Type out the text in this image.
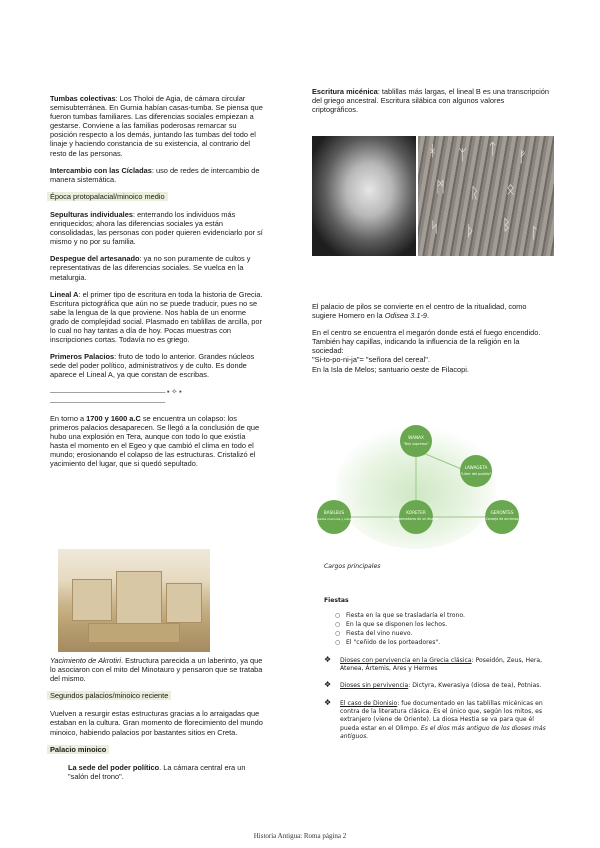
Tumbas colectivas: Los Tholoi de Agia, de cámara circular semisubterránea. En Gurnia habían casas-tumba. Se piensa que fueron tumbas familiares. Las diferencias sociales empiezan a gestarse. Conviene a las familias poderosas remarcar su posición respecto a los demás, juntando las tumbas del todo el linaje y haciendo constancia de su existencia, al contrario del resto de las personas.

Intercambio con las Cícladas: uso de redes de intercambio de manera sistemática.

Época protopalacial/minoico medio

Sepulturas individuales: enterrando los individuos más enriquecidos; ahora las diferencias sociales ya están consolidadas, las personas con poder quieren evidenciarlo por sí mismo y no por su familia.

Despegue del artesanado: ya no son puramente de cultos y representativas de las diferencias sociales. Se vuelca en la metalurgia.

Lineal A: el primer tipo de escritura en toda la historia de Grecia. Escritura pictográfica que aún no se puede traducir, pues no se sabe la lengua de la que proviene. Nos habla de un enorme grado de complejidad social. Plasmado en tablillas de arcilla, por lo cual no hay tantas a día de hoy. Pocas muestras con inscripciones cortas. Todavía no es griego.

Primeros Palacios: fruto de todo lo anterior. Grandes núcleos sede del poder político, administrativos y de culto. Es donde aparece el Lineal A, ya que constan de escribas.

———————————————— ▪ ✧ ▪ ————————————————

En torno a 1700 y 1600 a.C se encuentra un colapso: los primeros palacios desaparecen. Se llegó a la conclusión de que hubo una explosión en Tera, aunque con todo lo que existía hasta el momento en el Egeo y que cambió el clima en todo el mundo; erosionando el colapso de las estructuras. Cristalizó el yacimiento del lugar, que si quedó sepultado.

Yacimiento de Akrotiri. Estructura parecida a un laberinto, ya que lo asociaron con el mito del Minotauro y pensaron que se trataba del mismo.

Segundos palacios/minoico reciente

Vuelven a resurgir estas estructuras gracias a lo arraigadas que estaban en la cultura. Gran momento de florecimiento del mundo minoico, habiendo palacios por bastantes sitios en Creta.

Palacio minoico

La sede del poder político. La cámara central era un "salón del trono".

Escritura micénica: tablillas más largas, el lineal B es una transcripción del griego ancestral. Escritura silábica con algunos valores criptográficos.

ᚼ ᛉ ᛏ ᚠ
ᛗ ᚱ ᛟ
ᛋ ᚦ ᛒ ᛚ

El palacio de pilos se convierte en el centro de la ritualidad, como sugiere Homero en la Odisea 3.1-9.

En el centro se encuentra el megarón donde está el fuego encendido. También hay capillas, indicando la influencia de la religión en la sociedad:
"Si-to-po-ni-ja"= "señora del cereal".
En la Isla de Melos; santuario oeste de Filacopi.

WANAX
"Rey supremo"
LAWAGETA
"Líder del pueblo"
KORETER
Gobernadores de un distrito
BASILEUS
Autoridades menores y soberanos
GERONTES
Consejo de ancianos

Cargos principales

Fiestas

○ Fiesta en la que se trasladaría el trono.
○ En la que se disponen los lechos.
○ Fiesta del vino nuevo.
○ El "ceñido de los porteadores".
❖ Dioses con pervivencia en la Grecia clásica: Poseidón, Zeus, Hera, Atenea, Ártemis, Ares y Hermes
❖ Dioses sin pervivencia: Dictyra, Kwerasiya (diosa de tea), Potnias.
❖ El caso de Dionisio: fue documentado en las tablillas micénicas en contra de la literatura clásica. Es el único que, según los mitos, es extranjero (viene de Oriente). La diosa Hestia se va para que él pueda estar en el Olimpo. Es el dios más antiguo de los dioses más antiguos.
Historia Antigua: Roma página 2
